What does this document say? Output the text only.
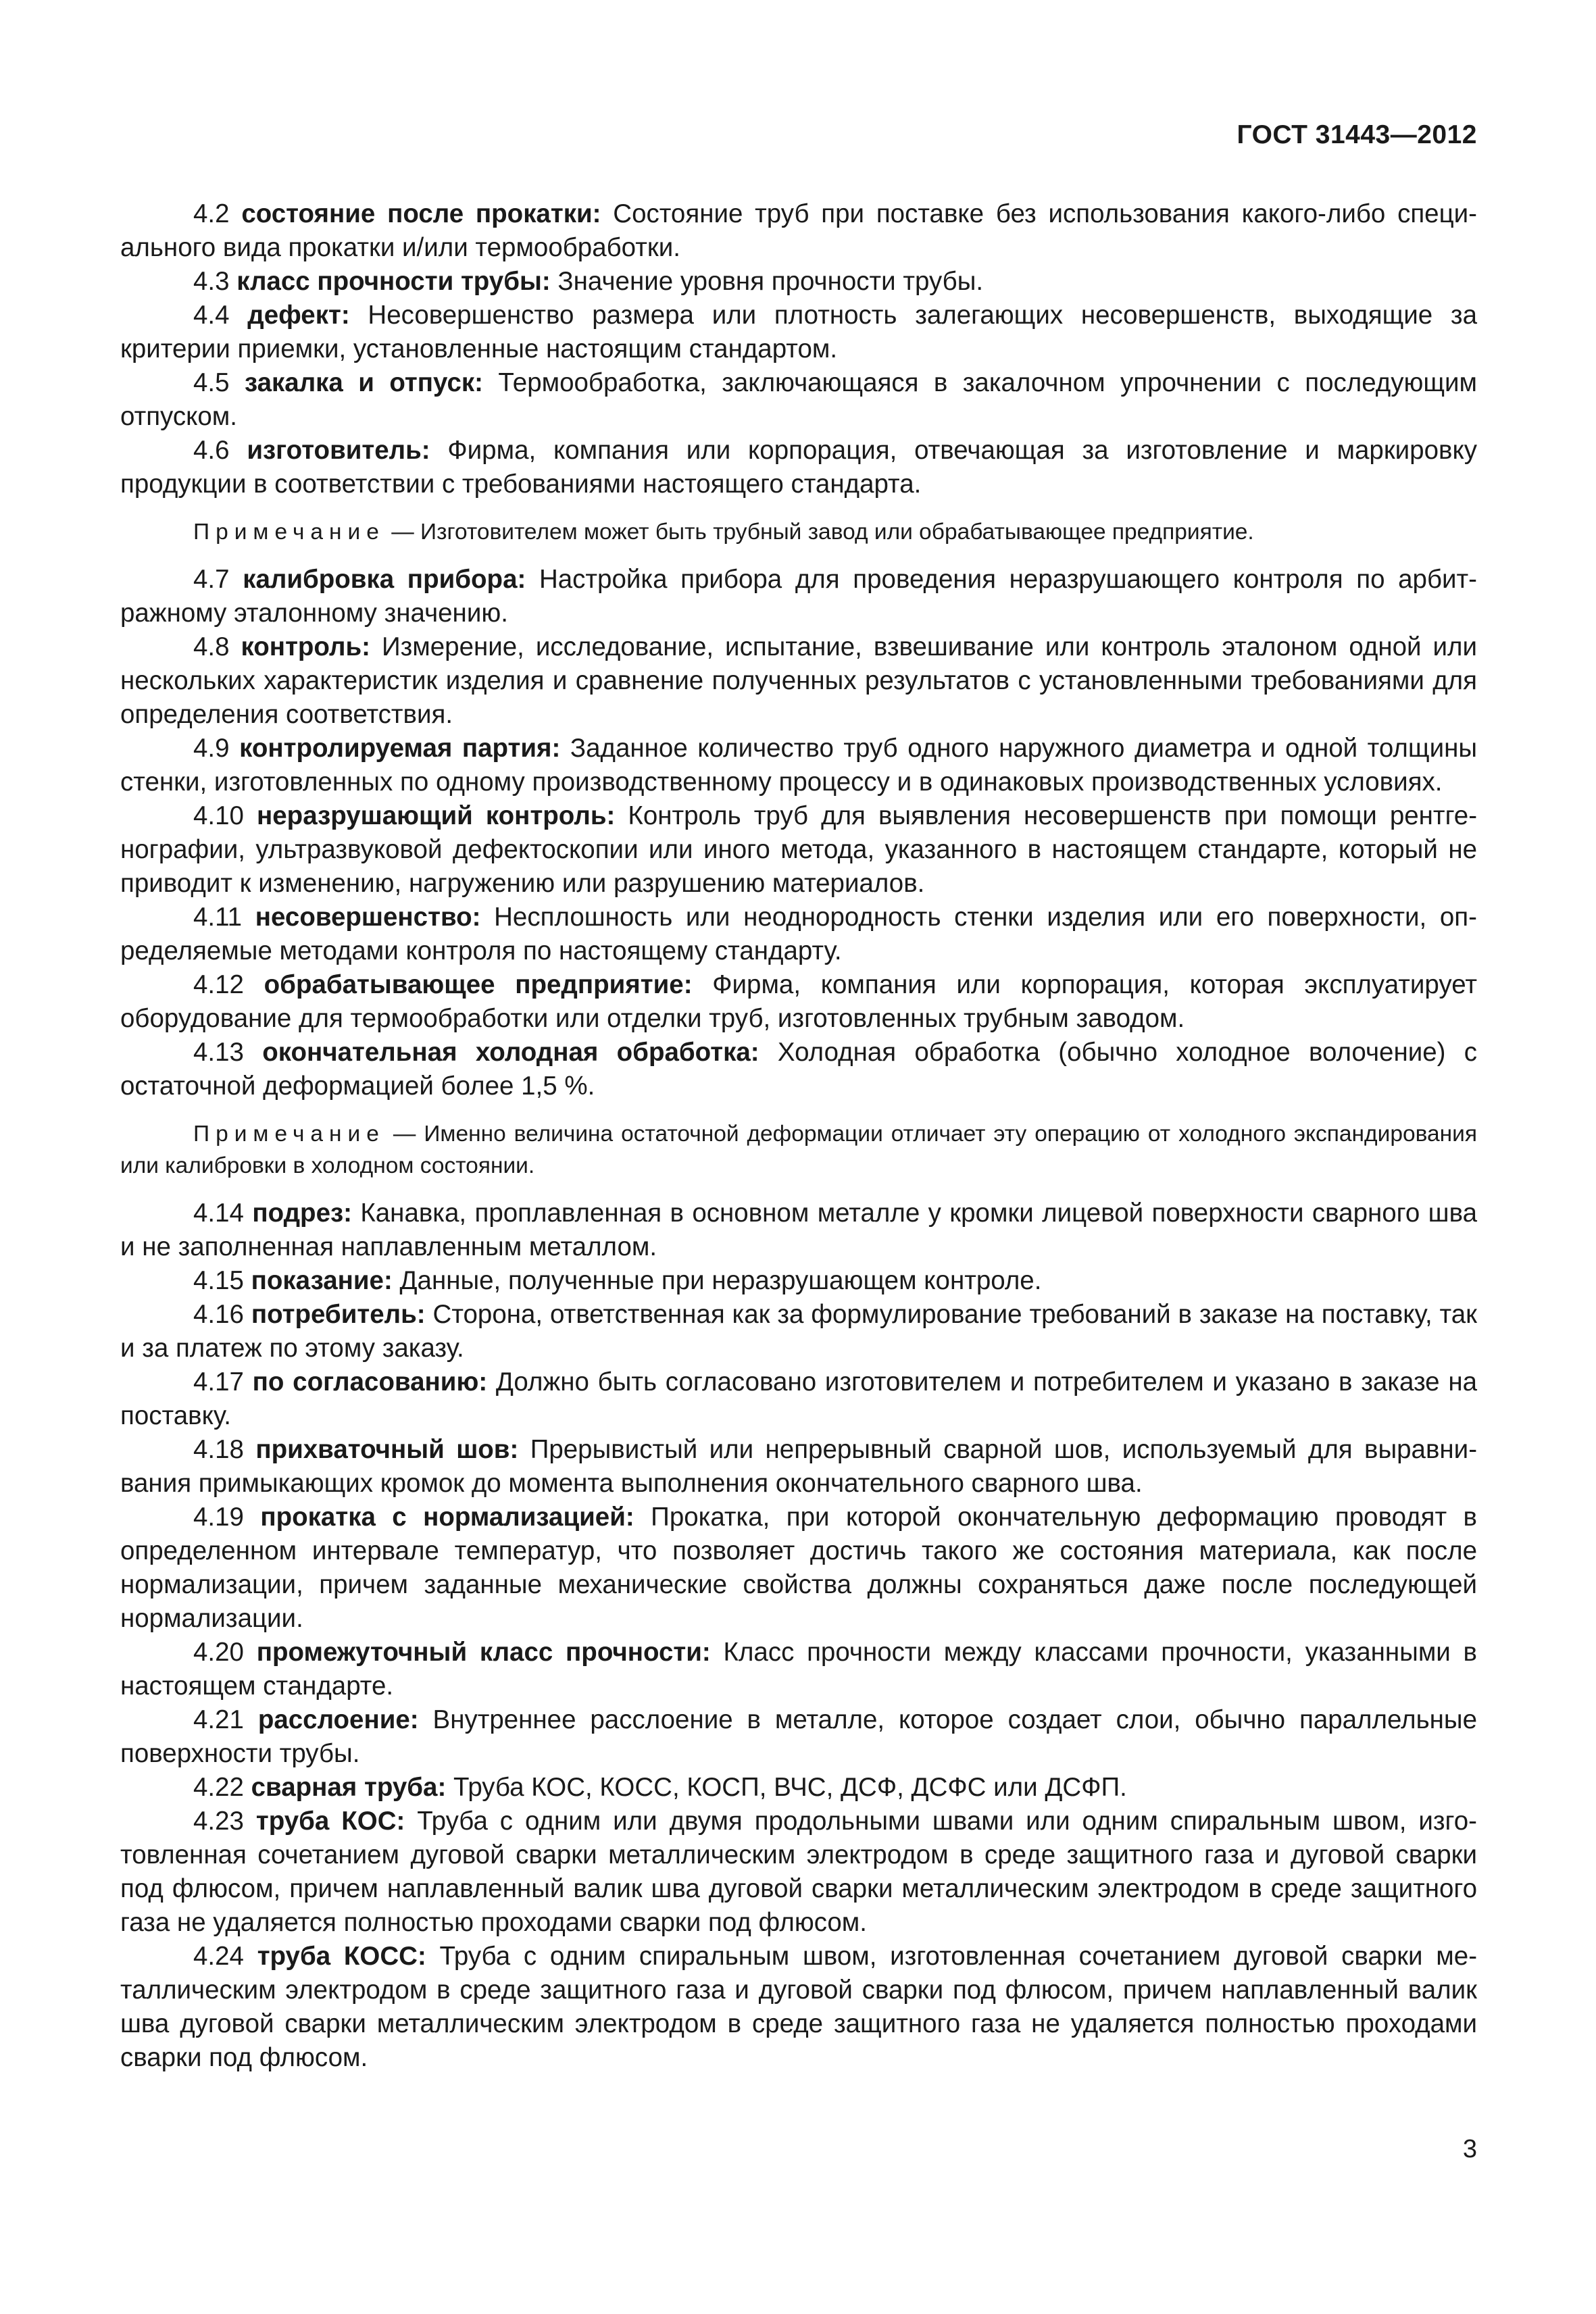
ГОСТ 31443—2012

4.2 состояние после прокатки: Состояние труб при поставке без использования какого-либо специального вида прокатки и/или термообработки.

4.3 класс прочности трубы: Значение уровня прочности трубы.

4.4 дефект: Несовершенство размера или плотность залегающих несовершенств, выходящие за критерии приемки, установленные настоящим стандартом.

4.5 закалка и отпуск: Термообработка, заключающаяся в закалочном упрочнении с последующим отпуском.

4.6 изготовитель: Фирма, компания или корпорация, отвечающая за изготовление и маркировку продукции в соответствии с требованиями настоящего стандарта.

Примечание — Изготовителем может быть трубный завод или обрабатывающее предприятие.

4.7 калибровка прибора: Настройка прибора для проведения неразрушающего контроля по арбитражному эталонному значению.

4.8 контроль: Измерение, исследование, испытание, взвешивание или контроль эталоном одной или нескольких характеристик изделия и сравнение полученных результатов с установленными требованиями для определения соответствия.

4.9 контролируемая партия: Заданное количество труб одного наружного диаметра и одной толщины стенки, изготовленных по одному производственному процессу и в одинаковых производственных условиях.

4.10 неразрушающий контроль: Контроль труб для выявления несовершенств при помощи рентгенографии, ультразвуковой дефектоскопии или иного метода, указанного в настоящем стандарте, который не приводит к изменению, нагружению или разрушению материалов.

4.11 несовершенство: Несплошность или неоднородность стенки изделия или его поверхности, определяемые методами контроля по настоящему стандарту.

4.12 обрабатывающее предприятие: Фирма, компания или корпорация, которая эксплуатирует оборудование для термообработки или отделки труб, изготовленных трубным заводом.

4.13 окончательная холодная обработка: Холодная обработка (обычно холодное волочение) с остаточной деформацией более 1,5 %.

Примечание — Именно величина остаточной деформации отличает эту операцию от холодного экспандирования или калибровки в холодном состоянии.

4.14 подрез: Канавка, проплавленная в основном металле у кромки лицевой поверхности сварного шва и не заполненная наплавленным металлом.

4.15 показание: Данные, полученные при неразрушающем контроле.

4.16 потребитель: Сторона, ответственная как за формулирование требований в заказе на поставку, так и за платеж по этому заказу.

4.17 по согласованию: Должно быть согласовано изготовителем и потребителем и указано в заказе на поставку.

4.18 прихваточный шов: Прерывистый или непрерывный сварной шов, используемый для выравнивания примыкающих кромок до момента выполнения окончательного сварного шва.

4.19 прокатка с нормализацией: Прокатка, при которой окончательную деформацию проводят в определенном интервале температур, что позволяет достичь такого же состояния материала, как после нормализации, причем заданные механические свойства должны сохраняться даже после последующей нормализации.

4.20 промежуточный класс прочности: Класс прочности между классами прочности, указанными в настоящем стандарте.

4.21 расслоение: Внутреннее расслоение в металле, которое создает слои, обычно параллельные поверхности трубы.

4.22 сварная труба: Труба КОС, КОСС, КОСП, ВЧС, ДСФ, ДСФС или ДСФП.

4.23 труба КОС: Труба с одним или двумя продольными швами или одним спиральным швом, изготовленная сочетанием дуговой сварки металлическим электродом в среде защитного газа и дуговой сварки под флюсом, причем наплавленный валик шва дуговой сварки металлическим электродом в среде защитного газа не удаляется полностью проходами сварки под флюсом.

4.24 труба КОСС: Труба с одним спиральным швом, изготовленная сочетанием дуговой сварки металлическим электродом в среде защитного газа и дуговой сварки под флюсом, причем наплавленный валик шва дуговой сварки металлическим электродом в среде защитного газа не удаляется полностью проходами сварки под флюсом.

3
